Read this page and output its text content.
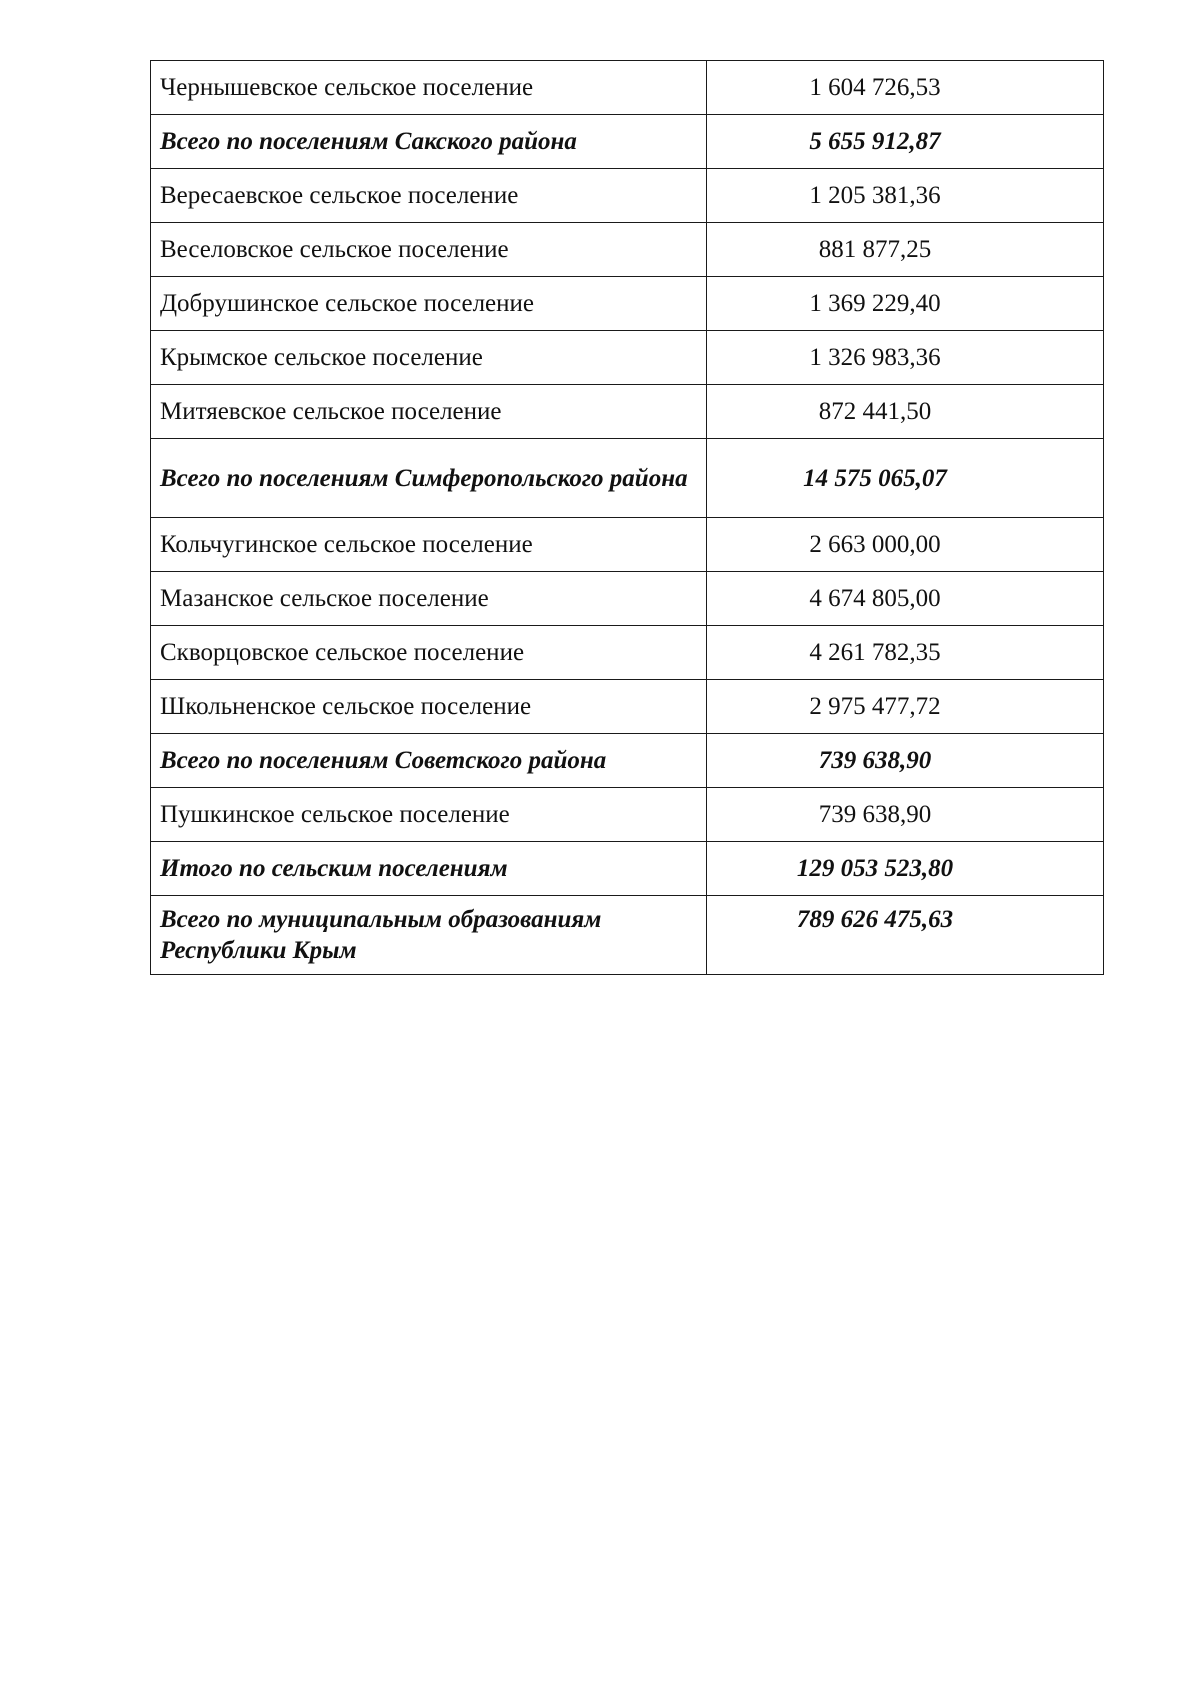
Чернышевское сельское поселение	1 604 726,53
Всего по поселениям Сакского района	5 655 912,87
Вересаевское сельское поселение	1 205 381,36
Веселовское сельское поселение	881 877,25
Добрушинское сельское поселение	1 369 229,40
Крымское сельское поселение	1 326 983,36
Митяевское сельское поселение	872 441,50
Всего по поселениям Симферопольского района	14 575 065,07
Кольчугинское сельское поселение	2 663 000,00
Мазанское сельское поселение	4 674 805,00
Скворцовское сельское поселение	4 261 782,35
Школьненское сельское поселение	2 975 477,72
Всего по поселениям Советского района	739 638,90
Пушкинское сельское поселение	739 638,90
Итого по сельским поселениям	129 053 523,80
Всего по муниципальным образованиям Республики Крым	789 626 475,63
